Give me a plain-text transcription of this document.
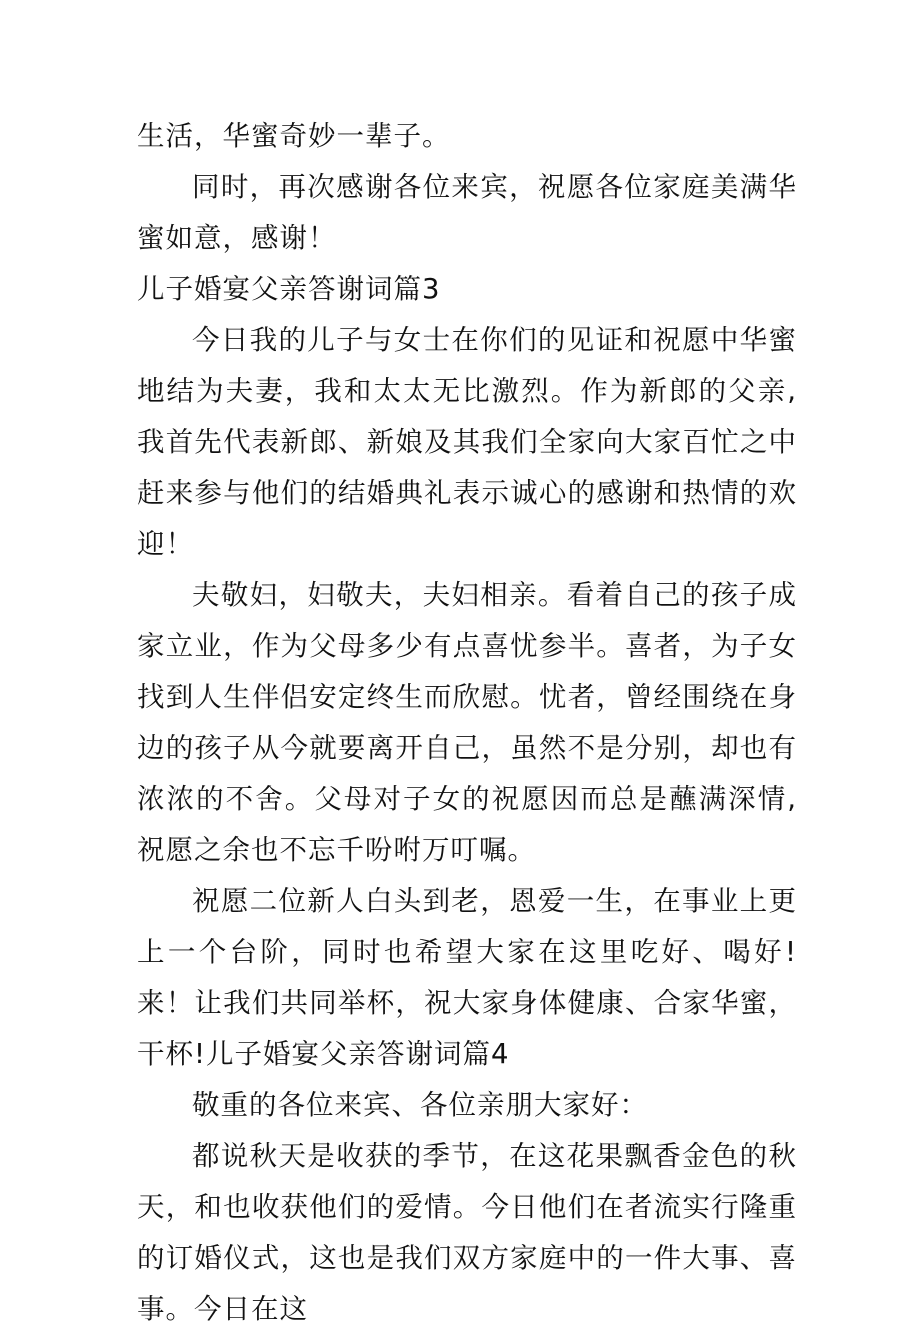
生活，华蜜奇妙一辈子。

同时，再次感谢各位来宾，祝愿各位家庭美满华蜜如意，感谢！

儿子婚宴父亲答谢词篇3

今日我的儿子与女士在你们的见证和祝愿中华蜜地结为夫妻，我和太太无比激烈。作为新郎的父亲,我首先代表新郎、新娘及其我们全家向大家百忙之中赶来参与他们的结婚典礼表示诚心的感谢和热情的欢迎！

夫敬妇，妇敬夫，夫妇相亲。看着自己的孩子成家立业，作为父母多少有点喜忧参半。喜者，为子女找到人生伴侣安定终生而欣慰。忧者，曾经围绕在身边的孩子从今就要离开自己，虽然不是分别，却也有浓浓的不舍。父母对子女的祝愿因而总是蘸满深情,祝愿之余也不忘千吩咐万叮嘱。

祝愿二位新人白头到老，恩爱一生，在事业上更上一个台阶，同时也希望大家在这里吃好、喝好!来！让我们共同举杯，祝大家身体健康、合家华蜜，干杯!儿子婚宴父亲答谢词篇4

敬重的各位来宾、各位亲朋大家好：

都说秋天是收获的季节，在这花果飘香金色的秋天，和也收获他们的爱情。今日他们在者流实行隆重的订婚仪式，这也是我们双方家庭中的一件大事、喜事。今日在这
